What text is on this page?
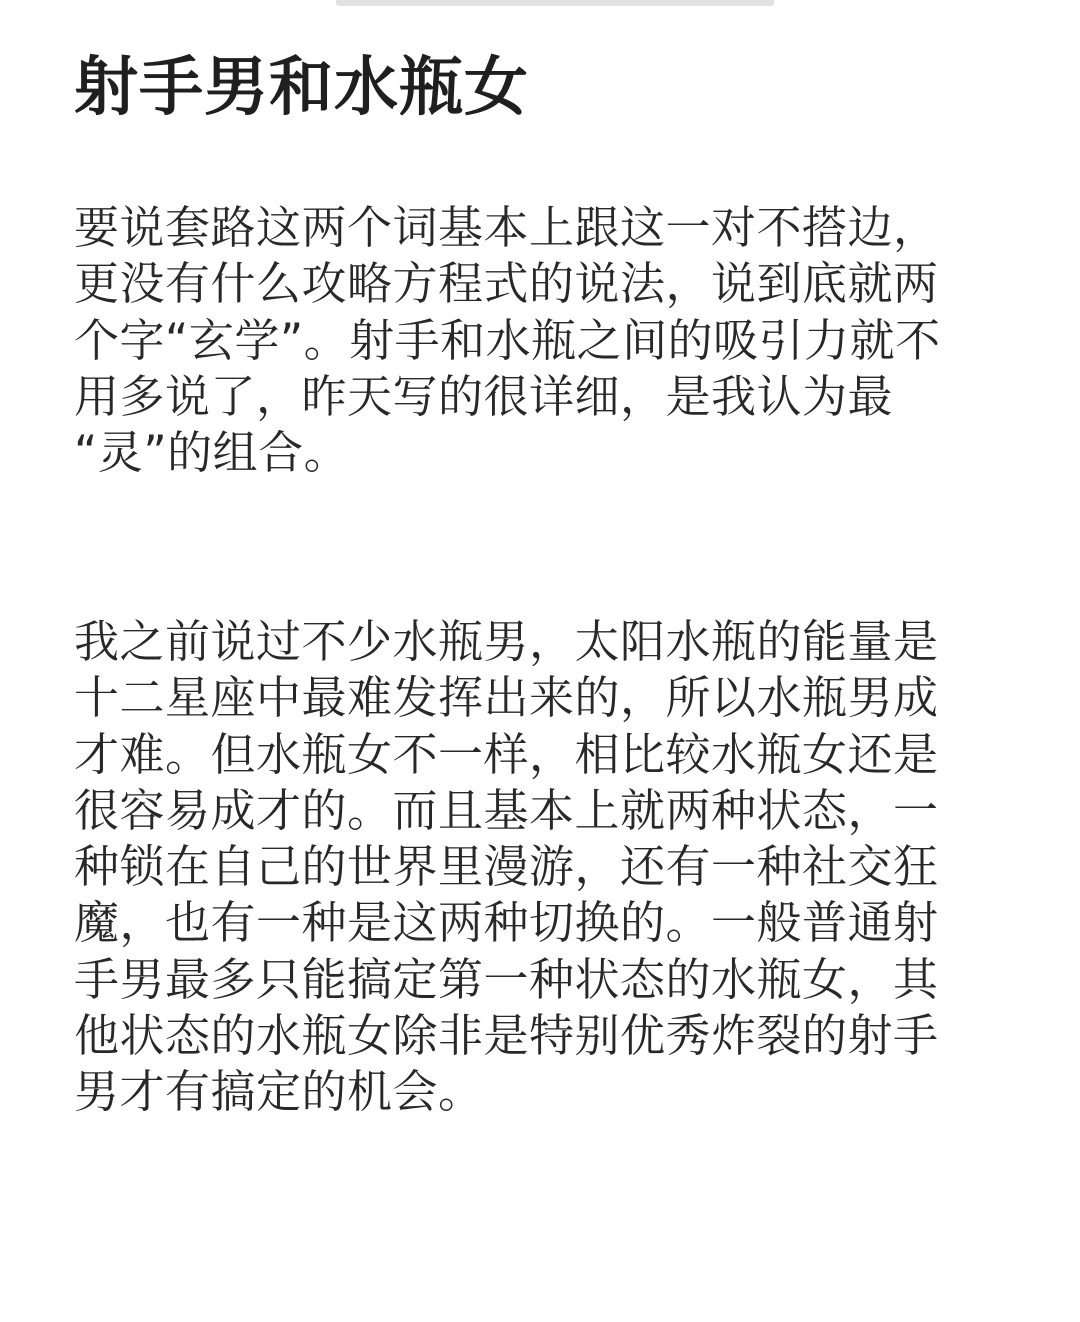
射手男和水瓶女
要说套路这两个词基本上跟这一对不搭边，
更没有什么攻略方程式的说法，说到底就两
个字“玄学”。射手和水瓶之间的吸引力就不
用多说了，昨天写的很详细，是我认为最
“灵”的组合。
我之前说过不少水瓶男，太阳水瓶的能量是
十二星座中最难发挥出来的，所以水瓶男成
才难。但水瓶女不一样，相比较水瓶女还是
很容易成才的。而且基本上就两种状态，一
种锁在自己的世界里漫游，还有一种社交狂
魔，也有一种是这两种切换的。一般普通射
手男最多只能搞定第一种状态的水瓶女，其
他状态的水瓶女除非是特别优秀炸裂的射手
男才有搞定的机会。
